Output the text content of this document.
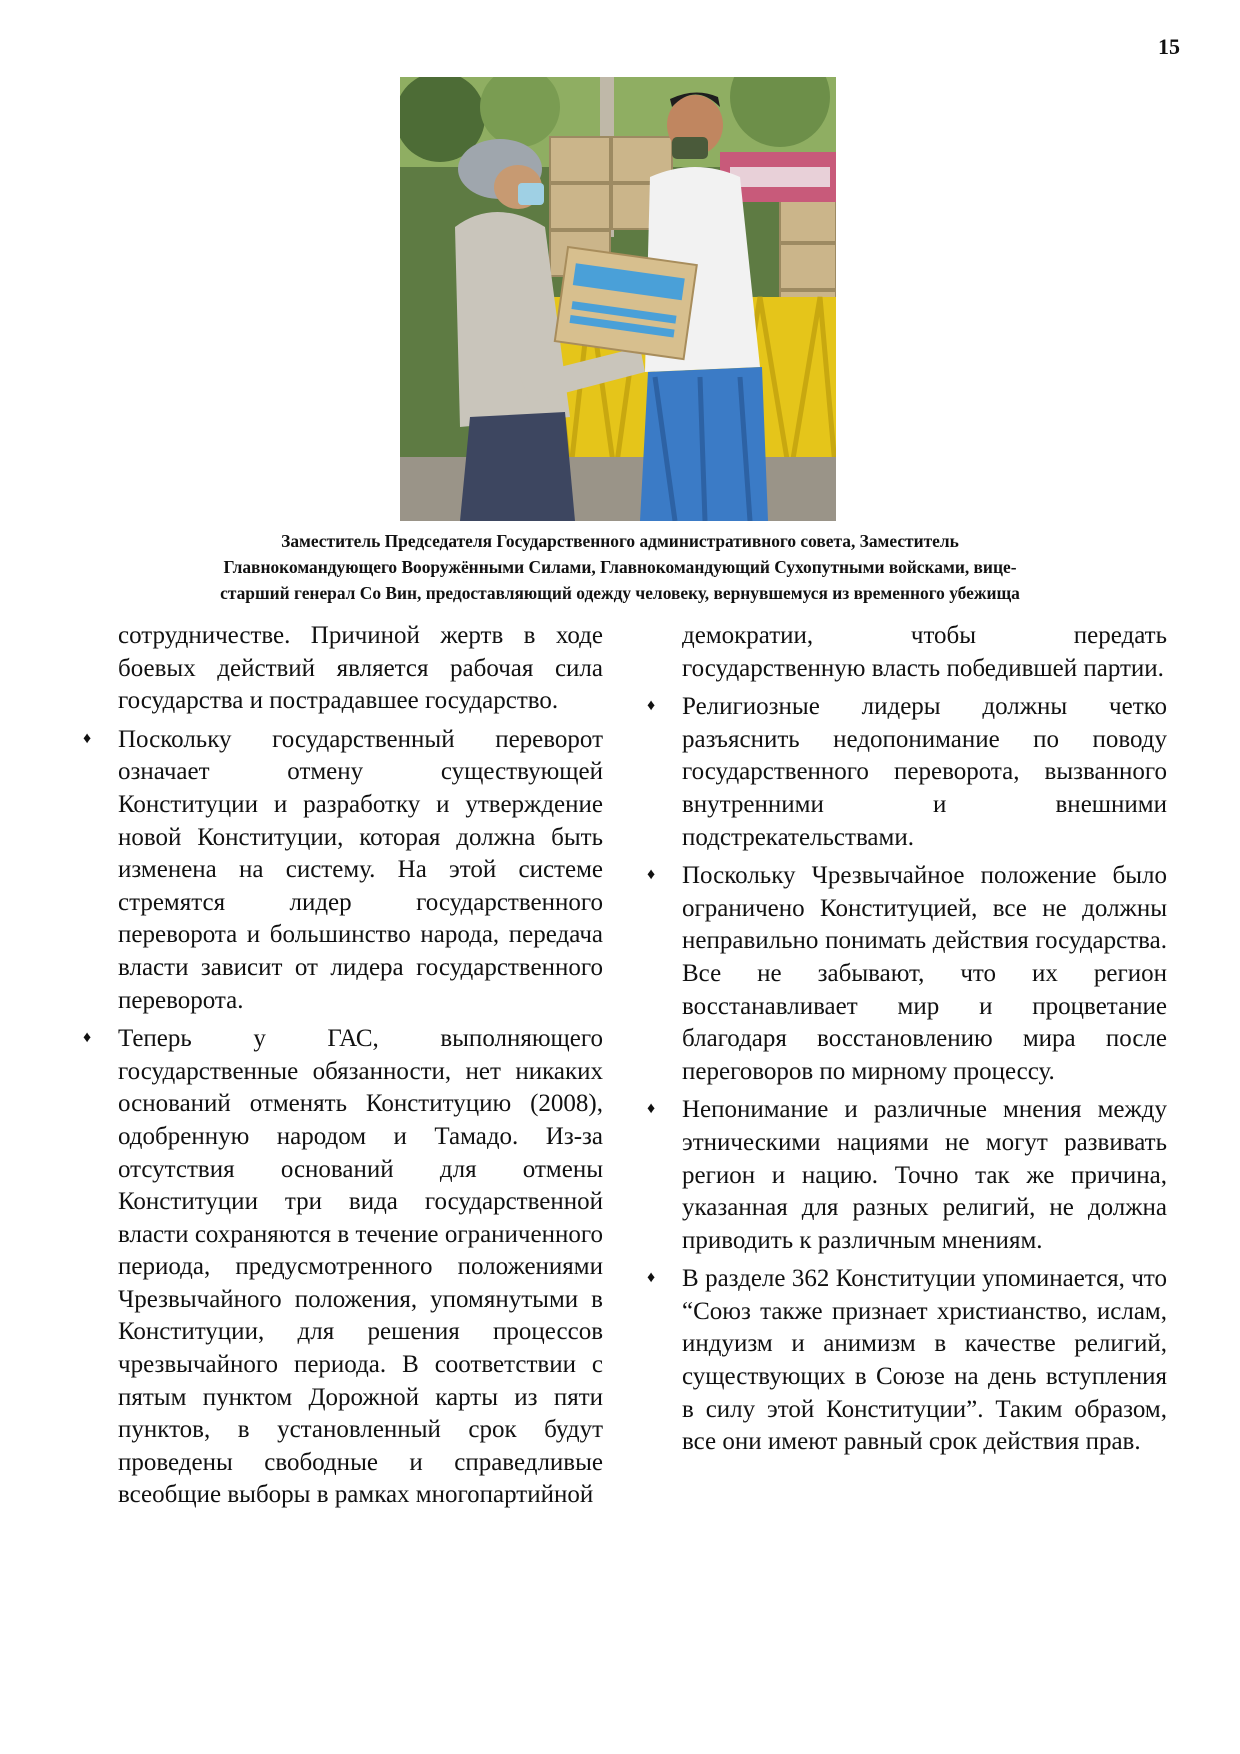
15
Заместитель Председателя Государственного административного совета, Заместитель
Главнокомандующего Вооружёнными Силами, Главнокомандующий Сухопутными войсками, вице-
старший генерал Со Вин, предоставляющий одежду человеку, вернувшемуся из временного убежища

сотрудничестве. Причиной жертв в ходе боевых действий является рабочая сила государства и пострадавшее государство.

♦ Поскольку государственный переворот означает отмену существующей Конституции и разработку и утверждение новой Конституции, которая должна быть изменена на систему. На этой системе стремятся лидер государственного переворота и большинство народа, передача власти зависит от лидера государственного переворота.
♦ Теперь у ГАС, выполняющего государственные обязанности, нет никаких оснований отменять Конституцию (2008), одобренную народом и Тамадо. Из-за отсутствия оснований для отмены Конституции три вида государственной власти сохраняются в течение ограниченного периода, предусмотренного положениями Чрезвычайного положения, упомянутыми в Конституции, для решения процессов чрезвычайного периода. В соответствии с пятым пунктом Дорожной карты из пяти пунктов, в установленный срок будут проведены свободные и справедливые всеобщие выборы в рамках многопартийной

демократии, чтобы передать государственную власть победившей партии.

♦ Религиозные лидеры должны четко разъяснить недопонимание по поводу государственного переворота, вызванного внутренними и внешними подстрекательствами.
♦ Поскольку Чрезвычайное положение было ограничено Конституцией, все не должны неправильно понимать действия государства. Все не забывают, что их регион восстанавливает мир и процветание благодаря восстановлению мира после переговоров по мирному процессу.
♦ Непонимание и различные мнения между этническими нациями не могут развивать регион и нацию. Точно так же причина, указанная для разных религий, не должна приводить к различным мнениям.
♦ В разделе 362 Конституции упоминается, что “Союз также признает христианство, ислам, индуизм и анимизм в качестве религий, существующих в Союзе на день вступления в силу этой Конституции”. Таким образом, все они имеют равный срок действия прав.
